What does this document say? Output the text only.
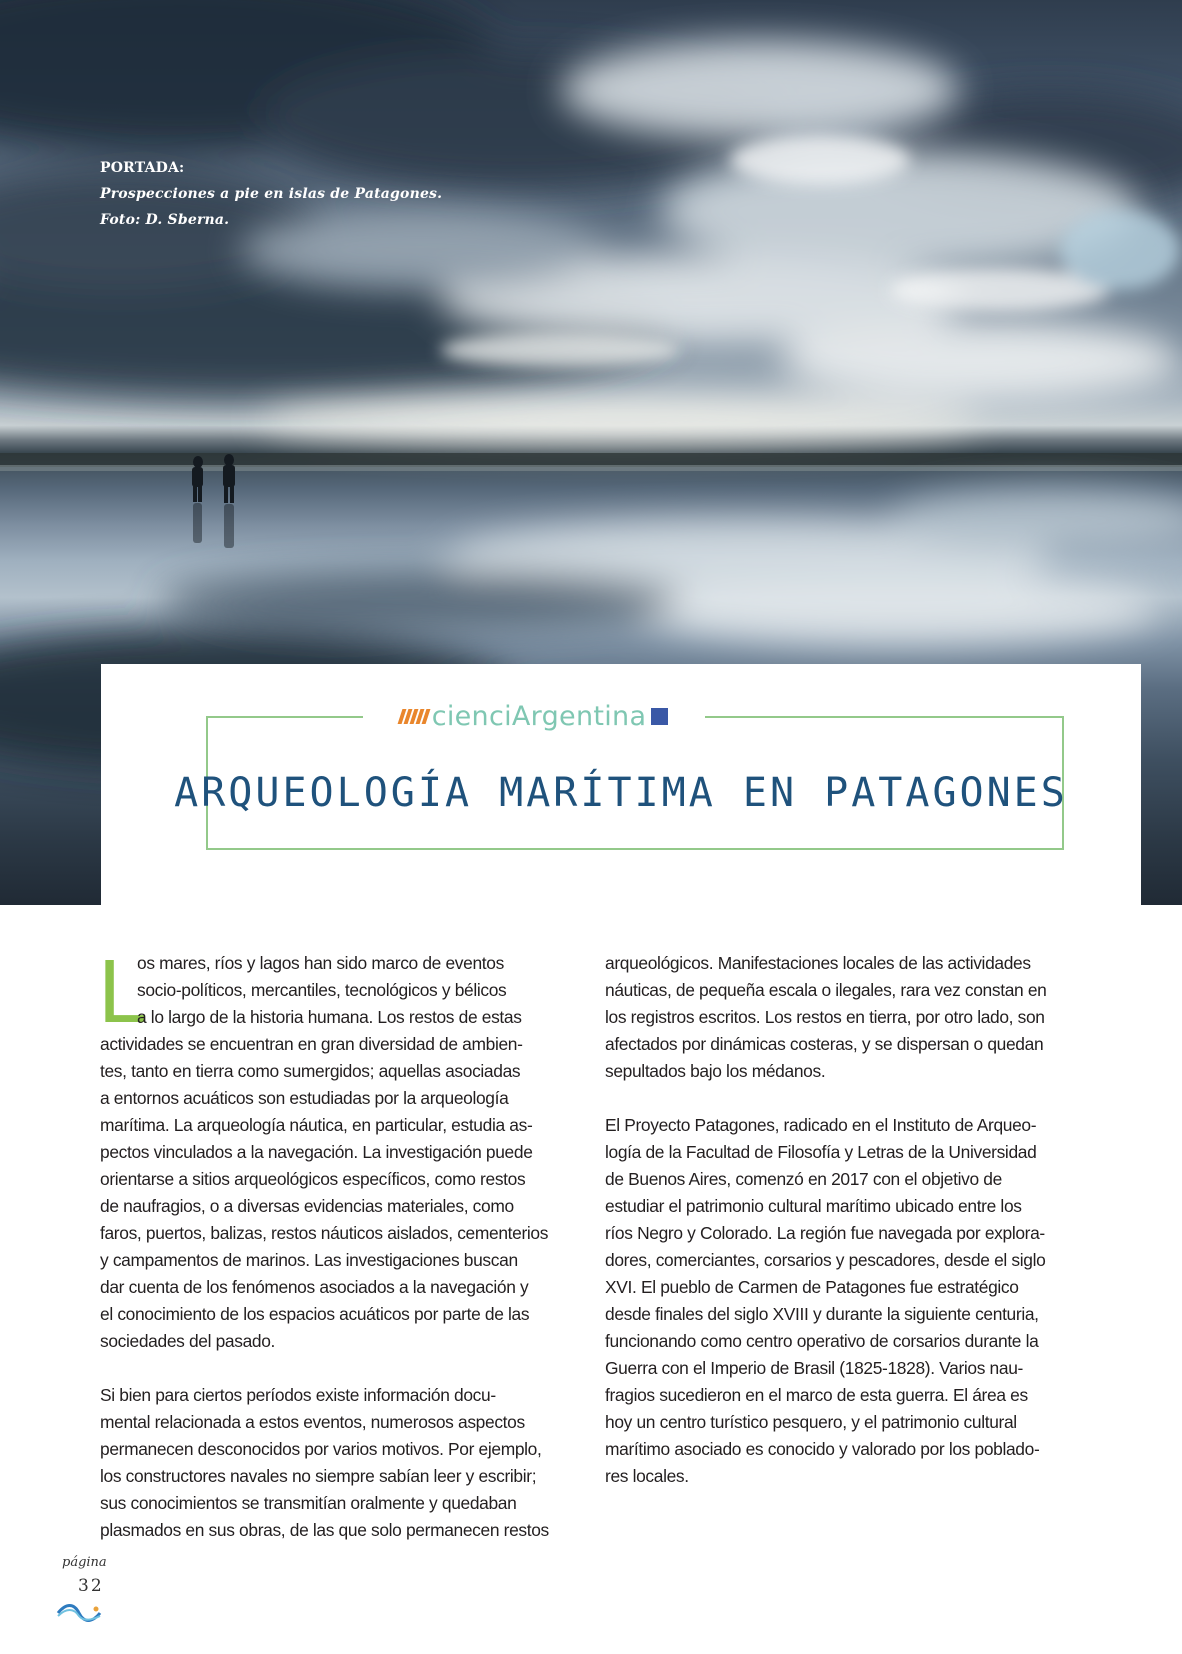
PORTADA:
Prospecciones a pie en islas de Patagones.
Foto: D. Sberna.
cienciArgentina
ARQUEOLOGÍA MARÍTIMA EN PATAGONES
L
os mares, ríos y lagos han sido marco de eventos
socio-políticos, mercantiles, tecnológicos y bélicos
a lo largo de la historia humana. Los restos de estas
actividades se encuentran en gran diversidad de ambien-
tes, tanto en tierra como sumergidos; aquellas asociadas
a entornos acuáticos son estudiadas por la arqueología
marítima. La arqueología náutica, en particular, estudia as-
pectos vinculados a la navegación. La investigación puede
orientarse a sitios arqueológicos específicos, como restos
de naufragios, o a diversas evidencias materiales, como
faros, puertos, balizas, restos náuticos aislados, cementerios
y campamentos de marinos. Las investigaciones buscan
dar cuenta de los fenómenos asociados a la navegación y
el conocimiento de los espacios acuáticos por parte de las
sociedades del pasado.
Si bien para ciertos períodos existe información docu-
mental relacionada a estos eventos, numerosos aspectos
permanecen desconocidos por varios motivos. Por ejemplo,
los constructores navales no siempre sabían leer y escribir;
sus conocimientos se transmitían oralmente y quedaban
plasmados en sus obras, de las que solo permanecen restos
arqueológicos. Manifestaciones locales de las actividades
náuticas, de pequeña escala o ilegales, rara vez constan en
los registros escritos. Los restos en tierra, por otro lado, son
afectados por dinámicas costeras, y se dispersan o quedan
sepultados bajo los médanos.
El Proyecto Patagones, radicado en el Instituto de Arqueo-
logía de la Facultad de Filosofía y Letras de la Universidad
de Buenos Aires, comenzó en 2017 con el objetivo de
estudiar el patrimonio cultural marítimo ubicado entre los
ríos Negro y Colorado. La región fue navegada por explora-
dores, comerciantes, corsarios y pescadores, desde el siglo
XVI. El pueblo de Carmen de Patagones fue estratégico
desde finales del siglo XVIII y durante la siguiente centuria,
funcionando como centro operativo de corsarios durante la
Guerra con el Imperio de Brasil (1825-1828). Varios nau-
fragios sucedieron en el marco de esta guerra. El área es
hoy un centro turístico pesquero, y el patrimonio cultural
marítimo asociado es conocido y valorado por los poblado-
res locales.
página
32
